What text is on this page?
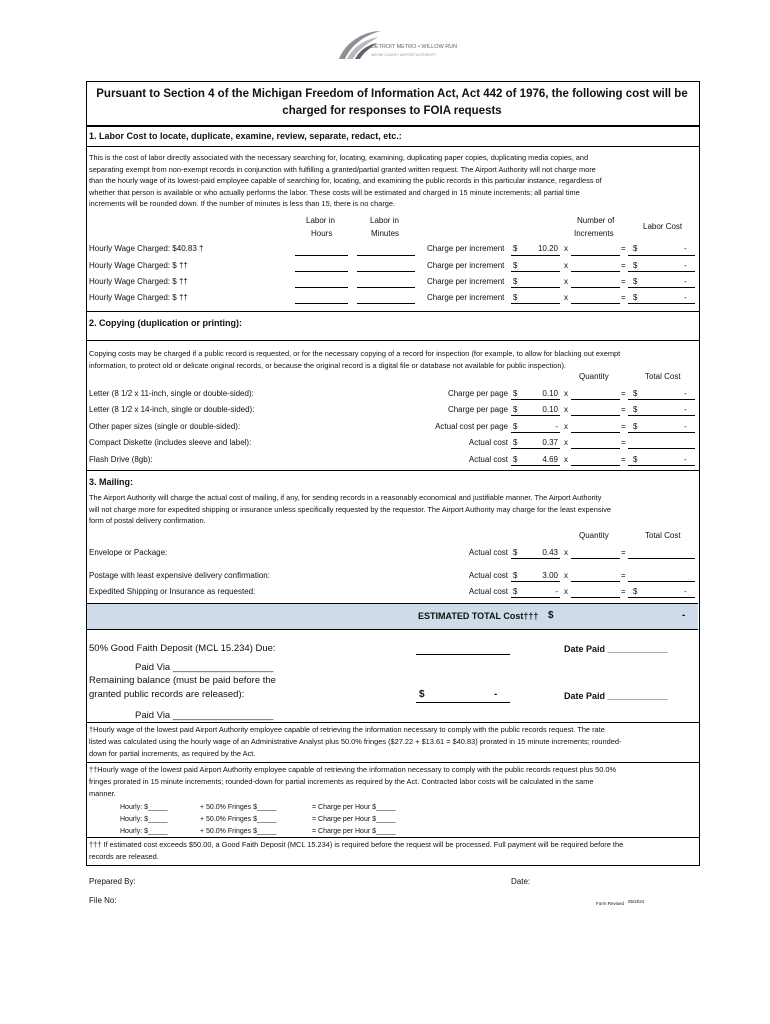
DETROIT METRO • WILLOW RUN
WAYNE COUNTY AIRPORT AUTHORITY
Pursuant to Section 4 of the Michigan Freedom of Information Act, Act 442 of 1976, the following cost will be
charged for responses to FOIA requests
1. Labor Cost to locate, duplicate, examine, review, separate, redact, etc.:
This is the cost of labor directly associated with the necessary searching for, locating, examining, duplicating paper copies, duplicating media copies, and
separating exempt from non-exempt records in conjunction with fulfilling a granted/partial granted written request. The Airport Authority will not charge more
than the hourly wage of its lowest-paid employee capable of searching for, locating, and examining the public records in this particular instance, regardless of
whether that person is available or who actually performs the labor. These costs will be estimated and charged in 15 minute increments; all partial time
increments will be rounded down. If the number of minutes is less than 15, there is no charge.
Labor in
Hours
Labor in
Minutes
Number of
Increments
Labor Cost
Hourly Wage Charged: $40.83 †	Charge per increment $	10.20 x	= $	-
Hourly Wage Charged: $ ††	Charge per increment $	x	= $	-
Hourly Wage Charged: $ ††	Charge per increment $	x	= $	-
Hourly Wage Charged: $ ††	Charge per increment $	x	= $	-
2. Copying (duplication or printing):
Copying costs may be charged if a public record is requested, or for the necessary copying of a record for inspection (for example, to allow for blacking out exempt
information, to protect old or delicate original records, or because the original record is a digital file or database not available for public inspection).
Quantity	Total Cost
Letter (8 1/2 x 11-inch, single or double-sided):	Charge per page $	0.10 x	= $	-
Letter (8 1/2 x 14-inch, single or double-sided):	Charge per page $	0.10 x	= $	-
Other paper sizes (single or double-sided):	Actual cost per page $	- x	= $	-
Compact Diskette (includes sleeve and label):	Actual cost $	0.37 x	=
Flash Drive (8gb):	Actual cost $	4.69 x	= $	-
3. Mailing:
The Airport Authority will charge the actual cost of mailing, if any, for sending records in a reasonably economical and justifiable manner. The Airport Authority
will not charge more for expedited shipping or insurance unless specifically requested by the requestor. The Airport Authority may charge for the least expensive
form of postal delivery confirmation.
Quantity	Total Cost
Envelope or Package:	Actual cost $	0.43 x	=
Postage with least expensive delivery confirmation:	Actual cost $	3.00 x	=
Expedited Shipping or Insurance as requested:	Actual cost $	- x	= $	-
ESTIMATED TOTAL Cost††† $	-
50% Good Faith Deposit (MCL 15.234) Due:	Date Paid ____________
Paid Via ___________________
Remaining balance (must be paid before the
granted public records are released):	$	-	Date Paid ____________
Paid Via ___________________
†Hourly wage of the lowest paid Airport Authority employee capable of retrieving the information necessary to comply with the public records request. The rate
listed was calculated using the hourly wage of an Administrative Analyst plus 50.0% fringes ($27.22 + $13.61 = $40.83) prorated in 15 minute increments; rounded-
down for partial increments, as required by the Act.
††Hourly wage of the lowest paid Airport Authority employee capable of retrieving the information necessary to comply with the public records request plus 50.0%
fringes prorated in 15 minute increments; rounded-down for partial increments as required by the Act. Contracted labor costs will be calculated in the same
manner.
Hourly: $_____	+ 50.0% Fringes $_____	= Charge per Hour $_____
Hourly: $_____	+ 50.0% Fringes $_____	= Charge per Hour $_____
Hourly: $_____	+ 50.0% Fringes $_____	= Charge per Hour $_____
††† If estimated cost exceeds $50.00, a Good Faith Deposit (MCL 15.234) is required before the request will be processed. Full payment will be required before the
records are released.
Prepared By:	Date:
File No:	Form Revised 05/2024
